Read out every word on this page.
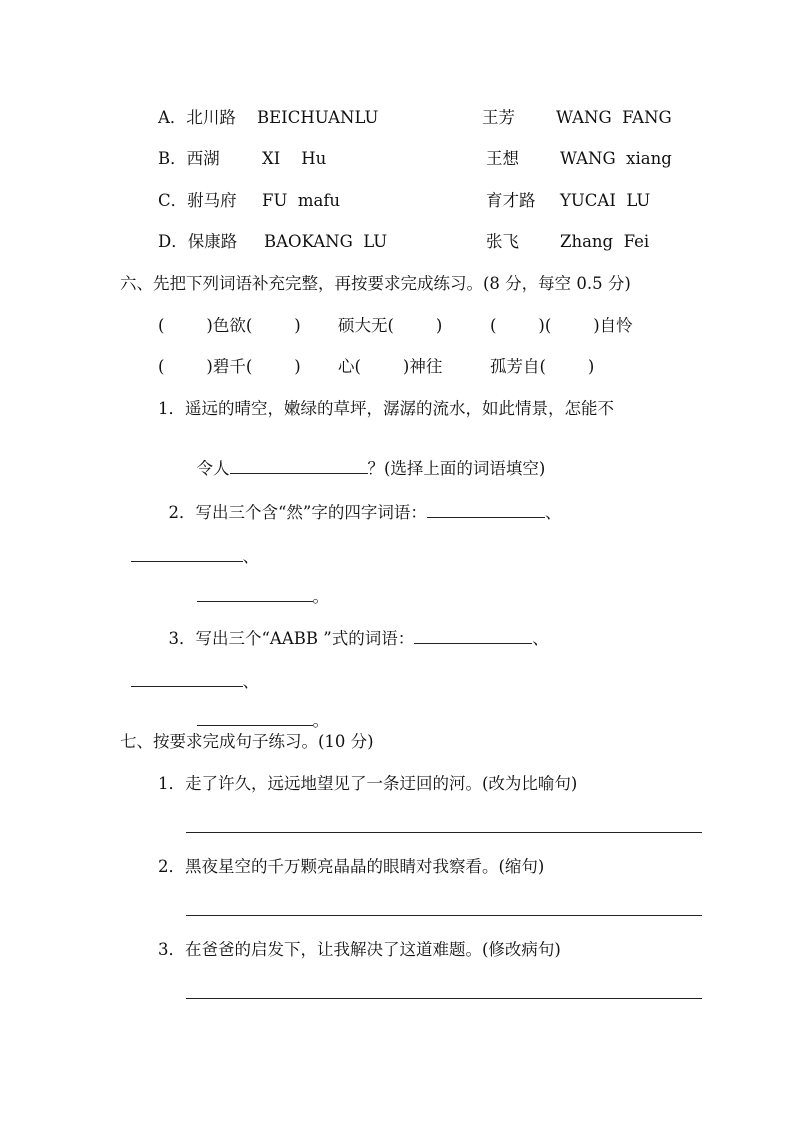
A．北川路 BEICHUANLU	王芳 WANG  FANG
B．西湖	XI    Hu	王想 WANG  xiang
C．驸马府 FU  mafu	育才路 YUCAI  LU
D．保康路 BAOKANG  LU	张飞 Zhang  Fei
六、先把下列词语补充完整，再按要求完成练习。(8 分，每空 0.5 分)
(        )色欲(        ) 硕大无(        )	(        )(        )自怜
(        )碧千(        ) 心(        )神往	孤芳自(        )
1．遥远的晴空，嫩绿的草坪，潺潺的流水，如此情景，怎能不

令人	？(选择上面的词语填空)

2．写出三个含“然”字的四字词语：	、

、

。

3．写出三个“AABB ”式的词语：	、

、

。

七、按要求完成句子练习。(10 分)
1．走了许久，远远地望见了一条迂回的河。(改为比喻句)
2．黑夜星空的千万颗亮晶晶的眼睛对我察看。(缩句)
3．在爸爸的启发下，让我解决了这道难题。(修改病句)
